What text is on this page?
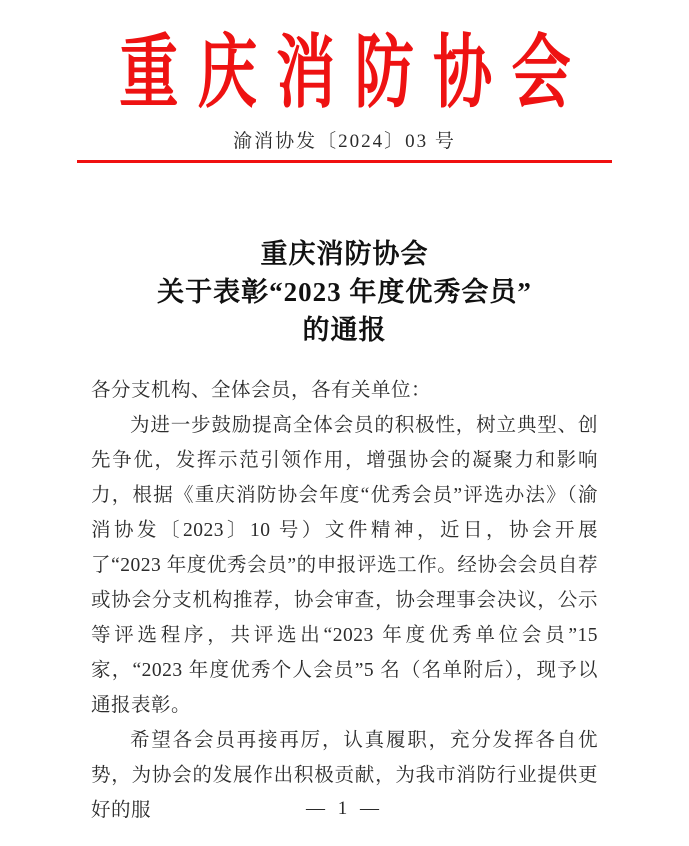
重庆消防协会
渝消协发〔2024〕03 号
重庆消防协会
关于表彰“2023 年度优秀会员”
的通报

各分支机构、全体会员，各有关单位：

为进一步鼓励提高全体会员的积极性，树立典型、创先争优，发挥示范引领作用，增强协会的凝聚力和影响力，根据《重庆消防协会年度“优秀会员”评选办法》（渝消协发〔2023〕10 号）文件精神，近日，协会开展了“2023 年度优秀会员”的申报评选工作。经协会会员自荐或协会分支机构推荐，协会审查，协会理事会决议，公示等评选程序，共评选出“2023 年度优秀单位会员”15 家，“2023 年度优秀个人会员”5 名（名单附后），现予以通报表彰。

希望各会员再接再厉，认真履职，充分发挥各自优势，为协会的发展作出积极贡献，为我市消防行业提供更好的服	— 1 —
